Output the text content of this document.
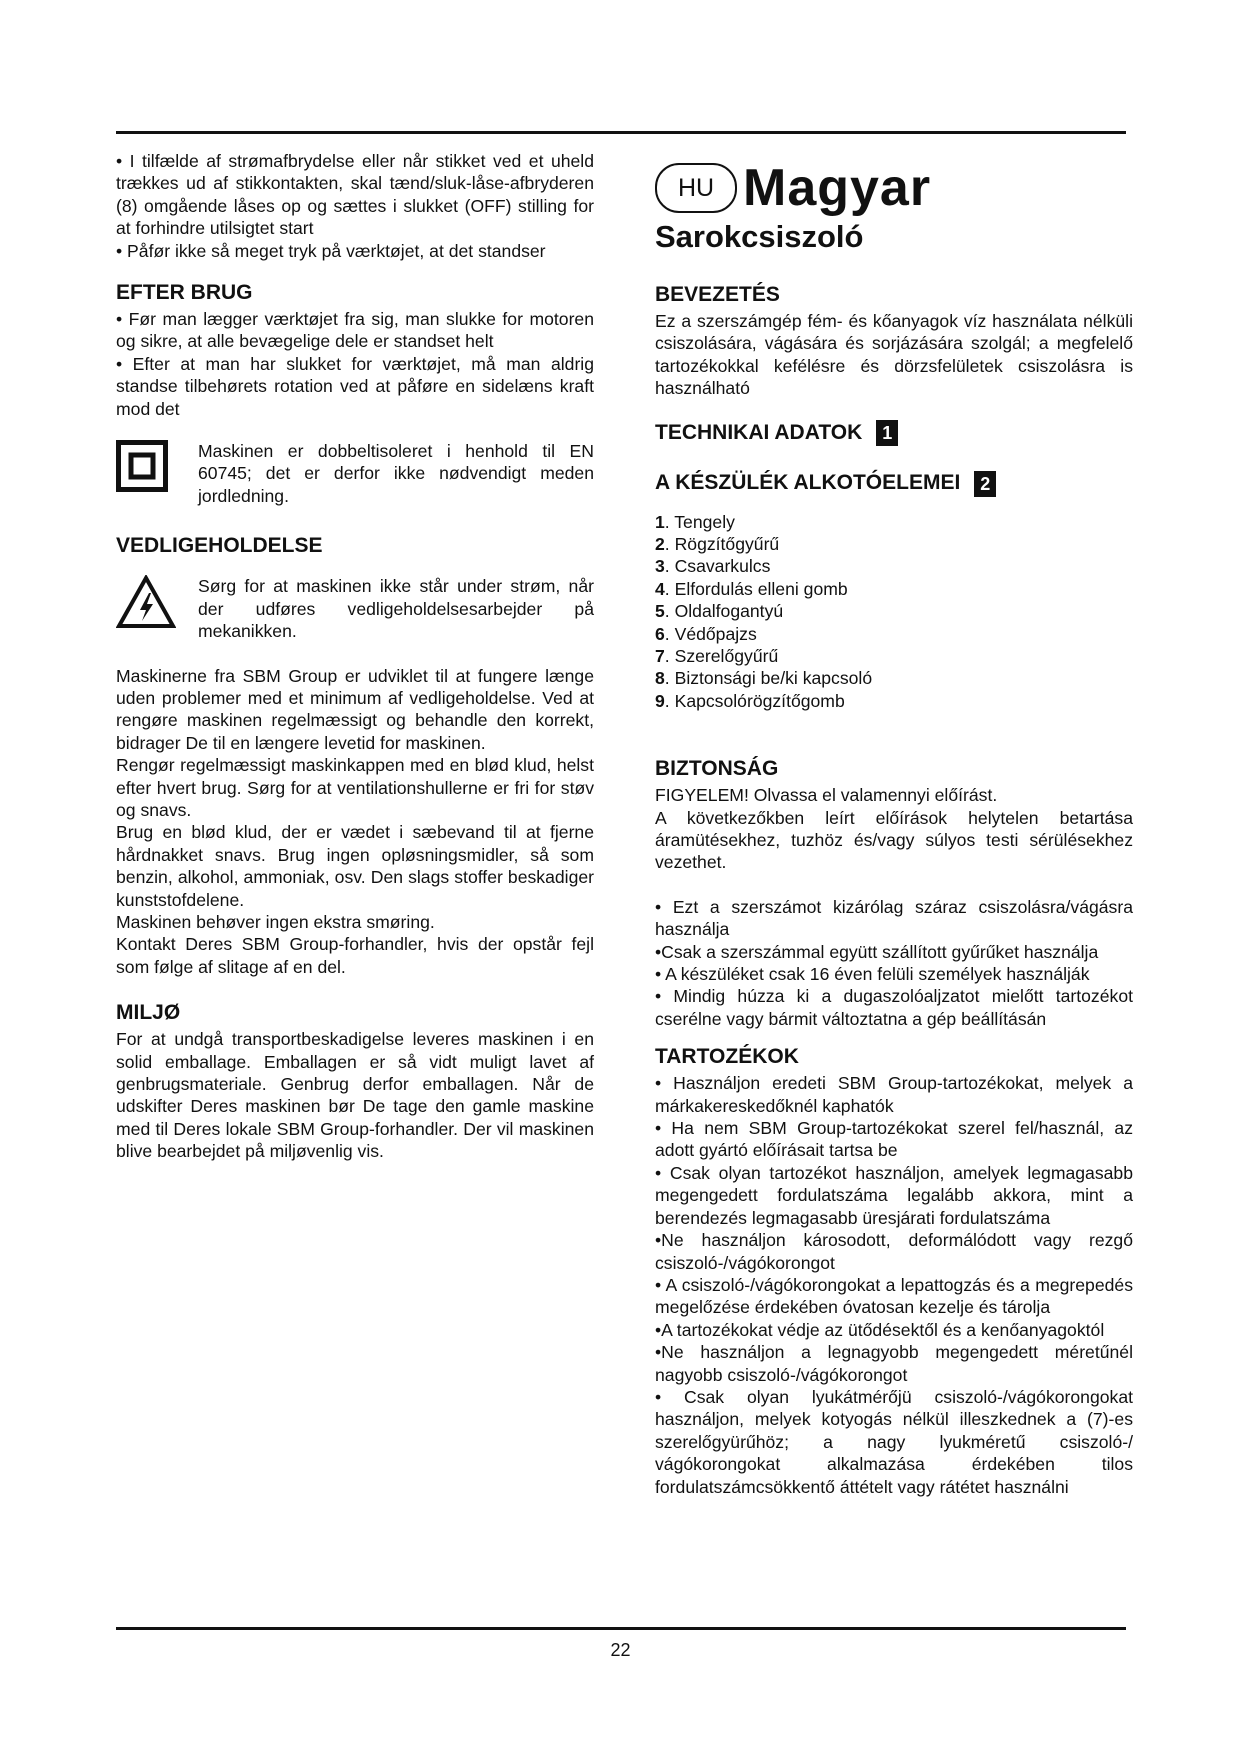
• I tilfælde af strømafbrydelse eller når stikket ved et uheld trækkes ud af stikkontakten, skal tænd/sluk-låse-afbryderen (8) omgående låses op og sættes i slukket (OFF) stilling for at forhindre utilsigtet start

• Påfør ikke så meget tryk på værktøjet, at det standser

EFTER BRUG

• Før man lægger værktøjet fra sig, man slukke for motoren og sikre, at alle bevægelige dele er standset helt

• Efter at man har slukket for værktøjet, må man aldrig standse tilbehørets rotation ved at påføre en sidelæns kraft mod det

Maskinen er dobbeltisoleret i henhold til EN 60745; det er derfor ikke nødvendigt meden jordledning.

VEDLIGEHOLDELSE

Sørg for at maskinen ikke står under strøm, når der udføres vedligeholdelsesarbejder på mekanikken.

Maskinerne fra SBM Group er udviklet til at fungere længe uden problemer med et minimum af vedligeholdelse. Ved at rengøre maskinen regelmæssigt og behandle den korrekt, bidrager De til en længere levetid for maskinen.

Rengør regelmæssigt maskinkappen med en blød klud, helst efter hvert brug. Sørg for at ventilationshullerne er fri for støv og snavs.

Brug en blød klud, der er vædet i sæbevand til at fjerne hårdnakket snavs. Brug ingen opløsningsmidler, så som benzin, alkohol, ammoniak, osv. Den slags stoffer beskadiger kunststofdelene.

Maskinen behøver ingen ekstra smøring.

Kontakt Deres SBM Group-forhandler, hvis der opstår fejl som følge af slitage af en del.

MILJØ

For at undgå transportbeskadigelse leveres maskinen i en solid emballage. Emballagen er så vidt muligt lavet af genbrugsmateriale. Genbrug derfor emballagen. Når de udskifter Deres maskinen bør De tage den gamle maskine med til Deres lokale SBM Group-forhandler. Der vil maskinen blive bearbejdet på miljøvenlig vis.

HU Magyar
Sarokcsiszoló
BEVEZETÉS

Ez a szerszámgép fém- és kőanyagok víz használata nélküli csiszolására, vágására és sorjázására szolgál; a megfelelő tartozékokkal kefélésre és dörzsfelületek csiszolásra is használható

TECHNIKAI ADATOK 1
A KÉSZÜLÉK ALKOTÓELEMEI 2
1. Tengely
2. Rögzítőgyűrű
3. Csavarkulcs
4. Elfordulás elleni gomb
5. Oldalfogantyú
6. Védőpajzs
7. Szerelőgyűrű
8. Biztonsági be/ki kapcsoló
9. Kapcsolórögzítőgomb
BIZTONSÁG

FIGYELEM! Olvassa el valamennyi előírást.

A következőkben leírt előírások helytelen betartása áramütésekhez, tuzhöz és/vagy súlyos testi sérülésekhez vezethet.

• Ezt a szerszámot kizárólag száraz csiszolásra/vágásra használja

•Csak a szerszámmal együtt szállított gyűrűket használja

• A készüléket csak 16 éven felüli személyek használják

• Mindig húzza ki a dugaszolóaljzatot mielőtt tartozékot cserélne vagy bármit változtatna a gép beállításán

TARTOZÉKOK

• Használjon eredeti SBM Group-tartozékokat, melyek a márkakereskedőknél kaphatók

• Ha nem SBM Group-tartozékokat szerel fel/használ, az adott gyártó előírásait tartsa be

• Csak olyan tartozékot használjon, amelyek legmagasabb megengedett fordulatszáma legalább akkora, mint a berendezés legmagasabb üresjárati fordulatszáma

•Ne használjon károsodott, deformálódott vagy rezgő csiszoló-/vágókorongot

• A csiszoló-/vágókorongokat a lepattogzás és a megrepedés megelőzése érdekében óvatosan kezelje és tárolja

•A tartozékokat védje az ütődésektől és a kenőanyagoktól

•Ne használjon a legnagyobb megengedett méretűnél nagyobb csiszoló-/vágókorongot

• Csak olyan lyukátmérőjü csiszoló-/vágókorongokat használjon, melyek kotyogás nélkül illeszkednek a (7)-es szerelőgyürűhöz; a nagy lyukméretű csiszoló-/ vágókorongokat alkalmazása érdekében tilos fordulatszámcsökkentő áttételt vagy rátétet használni

22
